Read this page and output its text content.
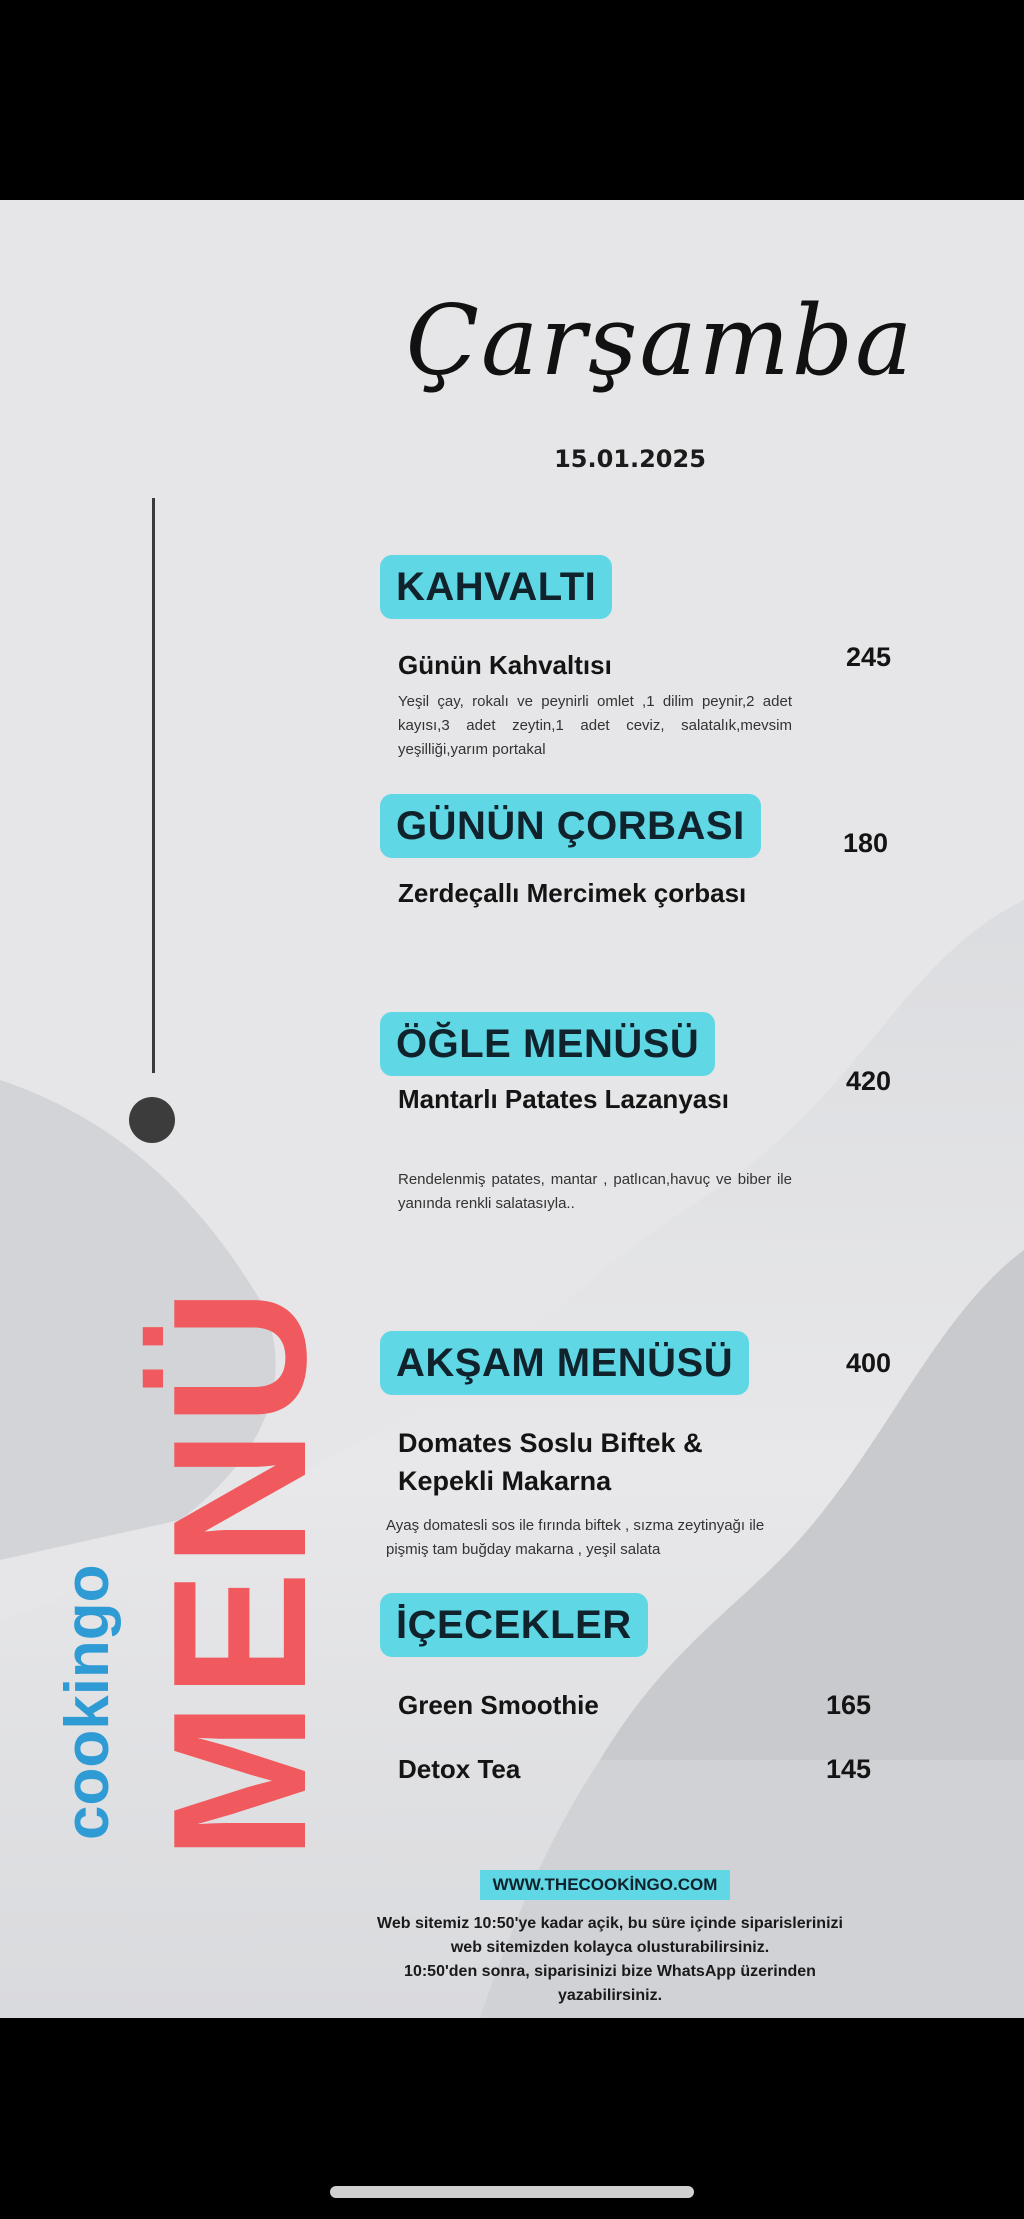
Çarşamba
15.01.2025
MENÜ
cookingo
KAHVALTI
Günün Kahvaltısı	245
Yeşil çay, rokalı ve peynirli omlet ,1 dilim peynir,2 adet kayısı,3 adet zeytin,1 adet ceviz, salatalık,mevsim yeşilliği,yarım portakal
GÜNÜN ÇORBASI	180
Zerdeçallı Mercimek çorbası
ÖĞLE MENÜSÜ
Mantarlı Patates Lazanyası
420
Rendelenmiş patates, mantar , patlıcan,havuç ve biber ile yanında renkli salatasıyla..
AKŞAM MENÜSÜ	400
Domates Soslu Biftek &
Kepekli Makarna
Ayaş domatesli sos ile fırında biftek , sızma zeytinyağı ile pişmiş tam buğday makarna , yeşil salata
İÇECEKLER
Green Smoothie	165
Detox Tea	145
WWW.THECOOKİNGO.COM
Web sitemiz 10:50'ye kadar açik, bu süre içinde siparislerinizi
web sitemizden kolayca olusturabilirsiniz.
10:50'den sonra, siparisinizi bize WhatsApp üzerinden
yazabilirsiniz.
